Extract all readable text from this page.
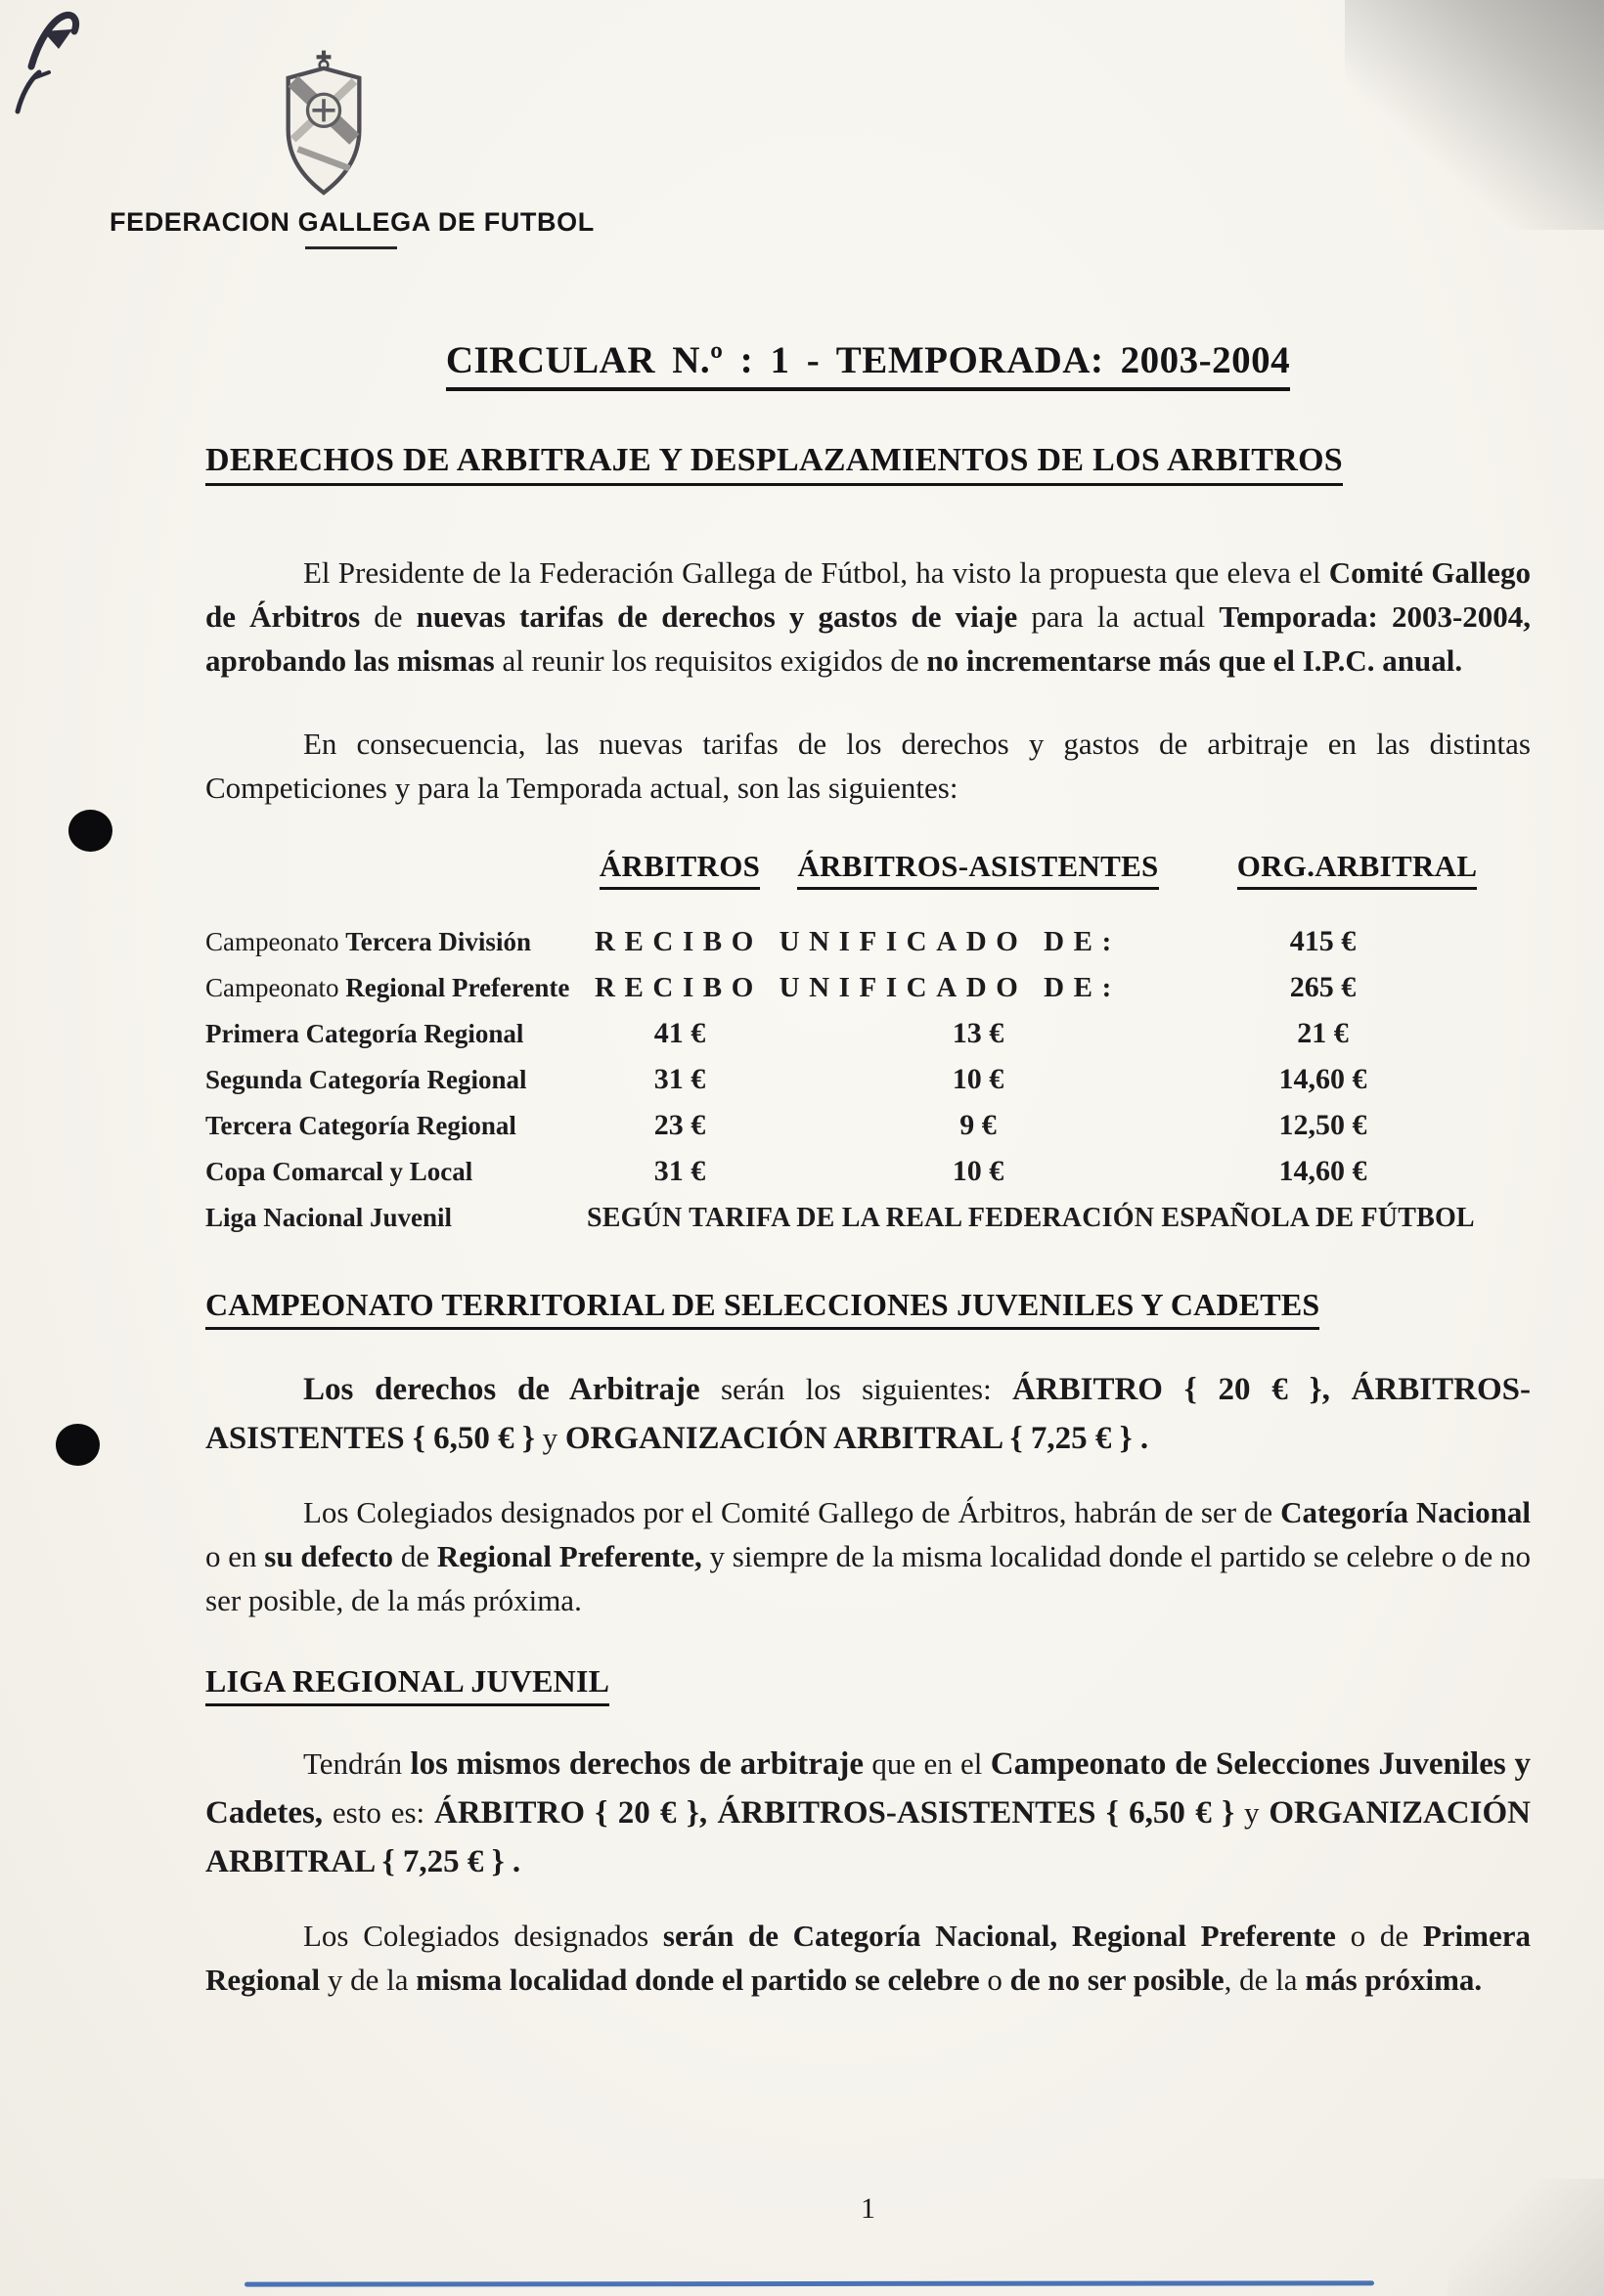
FEDERACION GALLEGA DE FUTBOL
CIRCULAR N.º : 1 - TEMPORADA: 2003-2004
DERECHOS DE ARBITRAJE Y DESPLAZAMIENTOS DE LOS ARBITROS

El Presidente de la Federación Gallega de Fútbol, ha visto la propuesta que eleva el Comité Gallego de Árbitros de nuevas tarifas de derechos y gastos de viaje para la actual Temporada: 2003-2004, aprobando las mismas al reunir los requisitos exigidos de no incrementarse más que el I.P.C. anual.

En consecuencia, las nuevas tarifas de los derechos y gastos de arbitraje en las distintas Competiciones y para la Temporada actual, son las siguientes:

ÁRBITROS	ÁRBITROS-ASISTENTES	ORG.ARBITRAL
Campeonato Tercera División	RECIBO UNIFICADO DE:	415 €
Campeonato Regional Preferente RECIBO UNIFICADO DE:	265 €
Primera Categoría Regional	41 €	13 €	21 €
Segunda Categoría Regional	31 €	10 €	14,60 €
Tercera Categoría Regional	23 €	9 €	12,50 €
Copa Comarcal y Local	31 €	10 €	14,60 €
Liga Nacional Juvenil	SEGÚN TARIFA DE LA REAL FEDERACIÓN ESPAÑOLA DE FÚTBOL
CAMPEONATO TERRITORIAL DE SELECCIONES JUVENILES Y CADETES

Los derechos de Arbitraje serán los siguientes: ÁRBITRO { 20 € }, ÁRBITROS-ASISTENTES { 6,50 € } y ORGANIZACIÓN ARBITRAL { 7,25 € } .

Los Colegiados designados por el Comité Gallego de Árbitros, habrán de ser de Categoría Nacional o en su defecto de Regional Preferente, y siempre de la misma localidad donde el partido se celebre o de no ser posible, de la más próxima.

LIGA REGIONAL JUVENIL

Tendrán los mismos derechos de arbitraje que en el Campeonato de Selecciones Juveniles y Cadetes, esto es: ÁRBITRO { 20 € }, ÁRBITROS-ASISTENTES { 6,50 € } y ORGANIZACIÓN ARBITRAL { 7,25 € } .

Los Colegiados designados serán de Categoría Nacional, Regional Preferente o de Primera Regional y de la misma localidad donde el partido se celebre o de no ser posible, de la más próxima.

1
